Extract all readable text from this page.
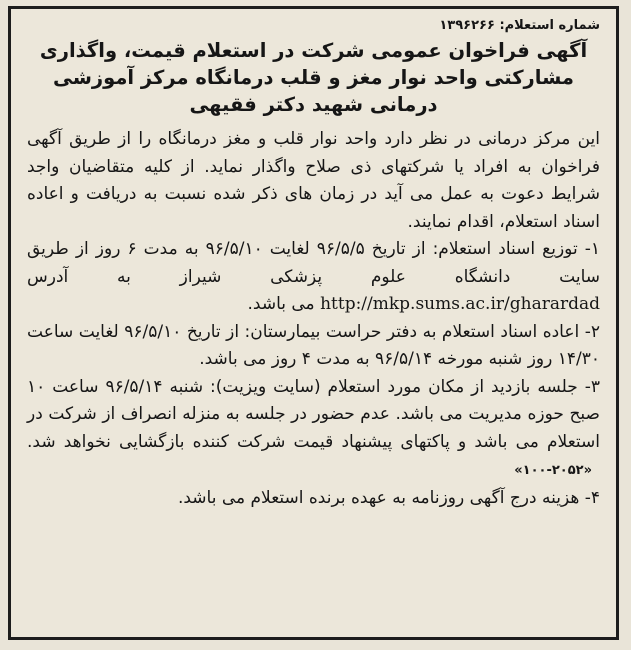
شماره استعلام: ۱۳۹۶۲۶۶
آگهی فراخوان عمومی شرکت در استعلام قیمت، واگذاری مشارکتی واحد نوار مغز و قلب درمانگاه مرکز آموزشی درمانی شهید دکتر فقیهی

این مرکز درمانی در نظر دارد واحد نوار قلب و مغز درمانگاه را از طریق آگهی فراخوان به افراد یا شرکتهای ذی صلاح واگذار نماید. از کلیه متقاضیان واجد شرایط دعوت به عمل می آید در زمان های ذکر شده نسبت به دریافت و اعاده اسناد استعلام، اقدام نمایند.

۱- توزیع اسناد استعلام: از تاریخ ۹۶/۵/۵ لغایت ۹۶/۵/۱۰ به مدت ۶ روز از طریق سایت دانشگاه علوم پزشکی شیراز به آدرس http://mkp.sums.ac.ir/gharardad می باشد.

۲- اعاده اسناد استعلام به دفتر حراست بیمارستان: از تاریخ ۹۶/۵/۱۰ لغایت ساعت ۱۴/۳۰ روز شنبه مورخه ۹۶/۵/۱۴ به مدت ۴ روز می باشد.

۳- جلسه بازدید از مکان مورد استعلام (سایت ویزیت): شنبه ۹۶/۵/۱۴ ساعت ۱۰ صبح حوزه مدیریت می باشد. عدم حضور در جلسه به منزله انصراف از شرکت در استعلام می باشد و پاکتهای پیشنهاد قیمت شرکت کننده بازگشایی نخواهد شد. «۱۰۰-۲۰۵۲»

۴- هزینه درج آگهی روزنامه به عهده برنده استعلام می باشد.
